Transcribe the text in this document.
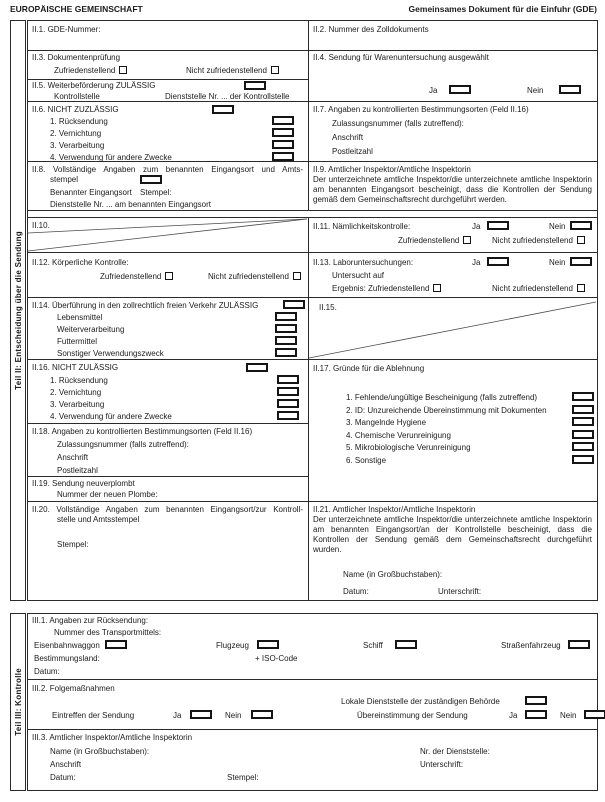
EUROPÄISCHE GEMEINSCHAFT	Gemeinsames Dokument für die Einfuhr (GDE)
Teil II: Entscheidung über die Sendung
II.1. GDE-Nummer:	II.2. Nummer des Zolldokuments
II.3. Dokumentenprüfung
Zufriedenstellend	Nicht zufriedenstellend
II.4. Sendung für Warenuntersuchung ausgewählt
Ja	Nein
II.5. Weiterbeförderung ZULÄSSIG
Kontrollstelle	Dienststelle Nr. ... der Kontrollstelle
II.6. NICHT ZUZLÄSSIG
1. Rücksendung
2. Vernichtung
3. Verarbeitung
4. Verwendung für andere Zwecke
II.7. Angaben zu kontrollierten Bestimmungsorten (Feld II.16)
Zulassungsnummer (falls zutreffend):
Anschrift
Postleitzahl
II.8. Vollständige Angaben zum benannten Eingangsort und Amts-
stempel
Benannter Eingangsort Stempel:
Dienststelle Nr. ... am benannten Eingangsort
II.9. Amtlicher Inspektor/Amtliche Inspektorin
Der unterzeichnete amtliche Inspektor/die unterzeichnete amtliche Inspektorin am benannten Eingangsort bescheinigt, dass die Kontrollen der Sendung gemäß dem Gemeinschaftsrecht durchgeführt werden.
II.10.	II.11. Nämlichkeitskontrolle:	Ja	Nein
Zufriedenstellend	Nicht zufriedenstellend
II.12. Körperliche Kontrolle:
Zufriedenstellend	Nicht zufriedenstellend
II.13. Laboruntersuchungen:	Ja	Nein
Untersucht auf
Ergebnis: Zufriedenstellend	Nicht zufriedenstellend
II.14. Überführung in den zollrechtlich freien Verkehr ZULÄSSIG
Lebensmittel
Weiterverarbeitung
Futtermittel
Sonstiger Verwendungszweck
II.15.
II.16. NICHT ZULÄSSIG
1. Rücksendung
2. Vernichtung
3. Verarbeitung
4. Verwendung für andere Zwecke
II.17. Gründe für die Ablehnung
1. Fehlende/ungültige Bescheinigung (falls zutreffend)
2. ID: Unzureichende Übereinstimmung mit Dokumenten
3. Mangelnde Hygiene
4. Chemische Verunreinigung
5. Mikrobiologische Verunreinigung
6. Sonstige
II.18. Angaben zu kontrollierten Bestimmungsorten (Feld II.16)
Zulassungsnummer (falls zutreffend):
Anschrift
Postleitzahl
II.19. Sendung neuverplombt
Nummer der neuen Plombe:
II.20. Vollständige Angaben zum benannten Eingangsort/zur Kontroll-
stelle und Amtsstempel
Stempel:
II.21. Amtlicher Inspektor/Amtliche Inspektorin
Der unterzeichnete amtliche Inspektor/die unterzeichnete amtliche Inspektorin am benannten Eingangsort/an der Kontrollstelle bescheinigt, dass die Kontrollen der Sendung gemäß dem Gemeinschaftsrecht durchgeführt wurden.
Name (in Großbuchstaben):
Datum:	Unterschrift:
Teil III: Kontrolle
III.1. Angaben zur Rücksendung:
Nummer des Transportmittels:
Eisenbahnwaggon	Flugzeug	Schiff	Straßenfahrzeug
Bestimmungsland:	+ ISO-Code
Datum:
III.2. Folgemaßnahmen
Lokale Dienststelle der zuständigen Behörde
Eintreffen der Sendung	Ja	Nein	Übereinstimmung der Sendung	Ja	Nein
III.3. Amtlicher Inspektor/Amtliche Inspektorin
Name (in Großbuchstaben):	Nr. der Dienststelle:
Anschrift	Unterschrift:
Datum:	Stempel:
